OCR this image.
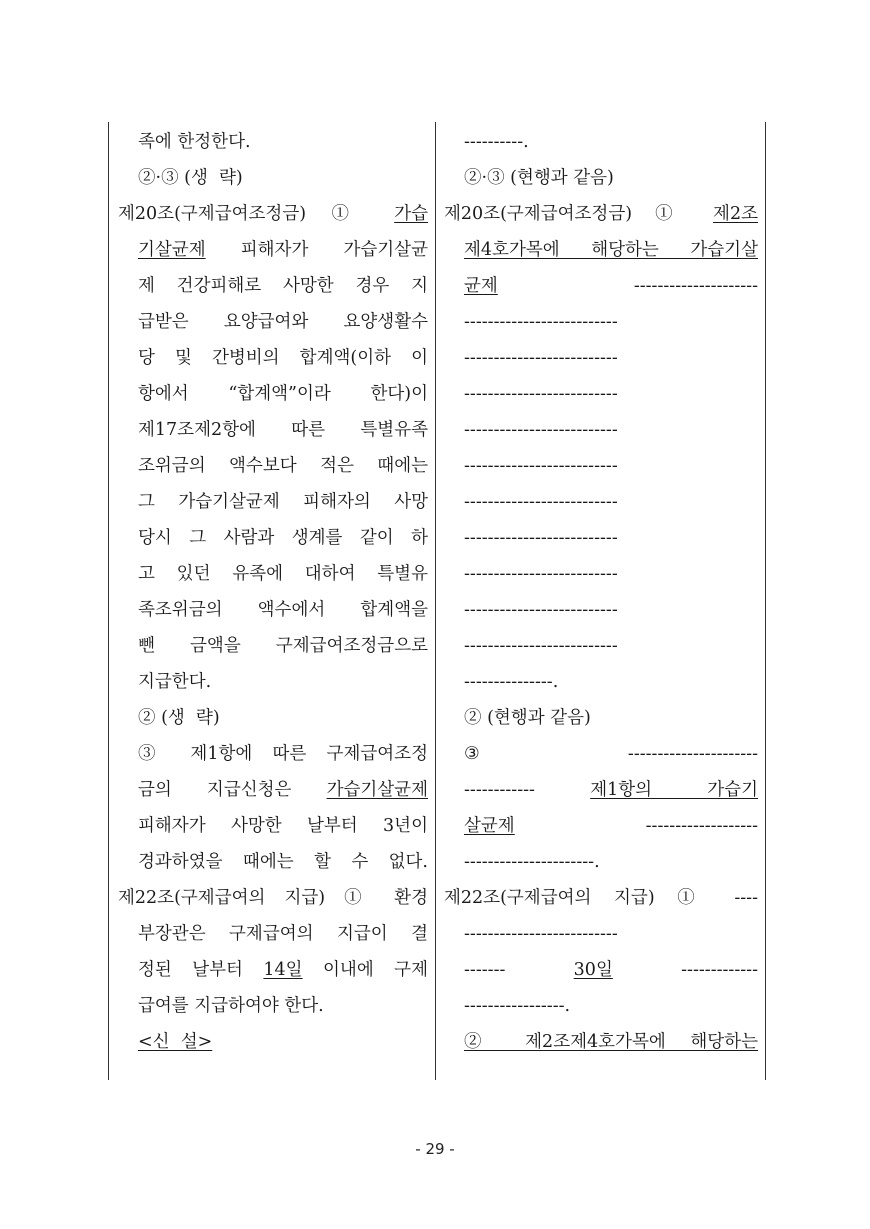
족에 한정한다.
②·③ (생  략)
제20조(구제급여조정금) ① 가습
기살균제 피해자가 가습기살균
제 건강피해로 사망한 경우 지
급받은 요양급여와 요양생활수
당 및 간병비의 합계액(이하 이
항에서 “합계액”이라 한다)이
제17조제2항에 따른 특별유족
조위금의 액수보다 적은 때에는
그 가습기살균제 피해자의 사망
당시 그 사람과 생계를 같이 하
고 있던 유족에 대하여 특별유
족조위금의 액수에서 합계액을
뺀 금액을 구제급여조정금으로
지급한다.
② (생  략)
③ 제1항에 따른 구제급여조정
금의 지급신청은 가습기살균제
피해자가 사망한 날부터 3년이
경과하였을 때에는 할 수 없다.
제22조(구제급여의 지급) ① 환경
부장관은 구제급여의 지급이 결
정된 날부터 14일 이내에 구제
급여를 지급하여야 한다.
<신  설>
----------.
②·③ (현행과 같음)
제20조(구제급여조정금) ① 제2조
제4호가목에 해당하는 가습기살
균제 ---------------------
--------------------------
--------------------------
--------------------------
--------------------------
--------------------------
--------------------------
--------------------------
--------------------------
--------------------------
--------------------------
---------------.
② (현행과 같음)
③ ----------------------
------------ 제1항의 가습기
살균제 -------------------
----------------------.
제22조(구제급여의 지급) ① ----
--------------------------
------- 30일 -------------
-----------------.
② 제2조제4호가목에 해당하는
- 29 -
